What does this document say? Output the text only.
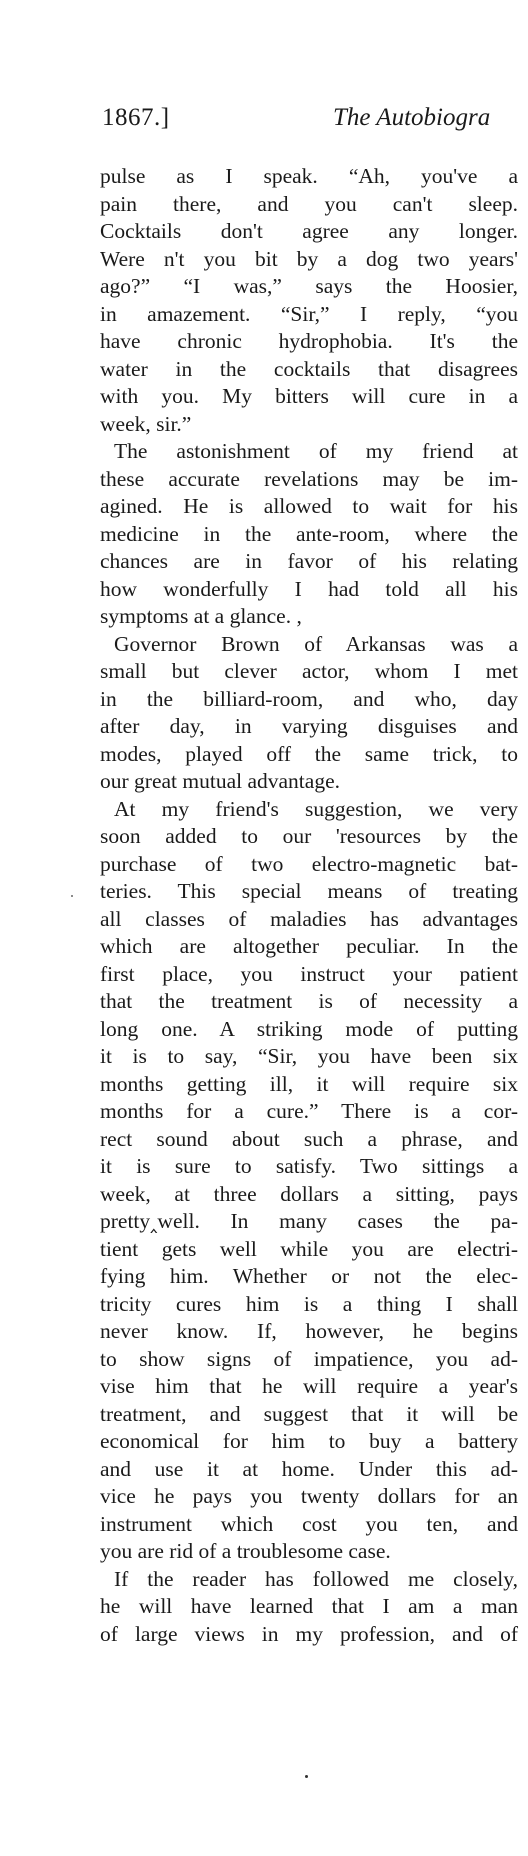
1867.]	The Autobiogra
pulse as I speak. “Ah, you've a
pain there, and you can't sleep.
Cocktails don't agree any longer.
Were n't you bit by a dog two years'
ago?” “I was,” says the Hoosier,
in amazement. “Sir,” I reply, “you
have chronic hydrophobia. It's the
water in the cocktails that disagrees
with you. My bitters will cure in a
week, sir.”
The astonishment of my friend at
these accurate revelations may be im-
agined. He is allowed to wait for his
medicine in the ante-room, where the
chances are in favor of his relating
how wonderfully I had told all his
symptoms at a glance. ,
Governor Brown of Arkansas was a
small but clever actor, whom I met
in the billiard-room, and who, day
after day, in varying disguises and
modes, played off the same trick, to
our great mutual advantage.
At my friend's suggestion, we very
soon added to our 'resources by the
purchase of two electro-magnetic bat-
teries. This special means of treating
all classes of maladies has advantages
which are altogether peculiar. In the
first place, you instruct your patient
that the treatment is of necessity a
long one. A striking mode of putting
it is to say, “Sir, you have been six
months getting ill, it will require six
months for a cure.” There is a cor-
rect sound about such a phrase, and
it is sure to satisfy. Two sittings a
week, at three dollars a sitting, pays
pretty‸well. In many cases the pa-
tient gets well while you are electri-
fying him. Whether or not the elec-
tricity cures him is a thing I shall
never know. If, however, he begins
to show signs of impatience, you ad-
vise him that he will require a year's
treatment, and suggest that it will be
economical for him to buy a battery
and use it at home. Under this ad-
vice he pays you twenty dollars for an
instrument which cost you ten, and
you are rid of a troublesome case.
If the reader has followed me closely,
he will have learned that I am a man
of large views in my profession, and of
